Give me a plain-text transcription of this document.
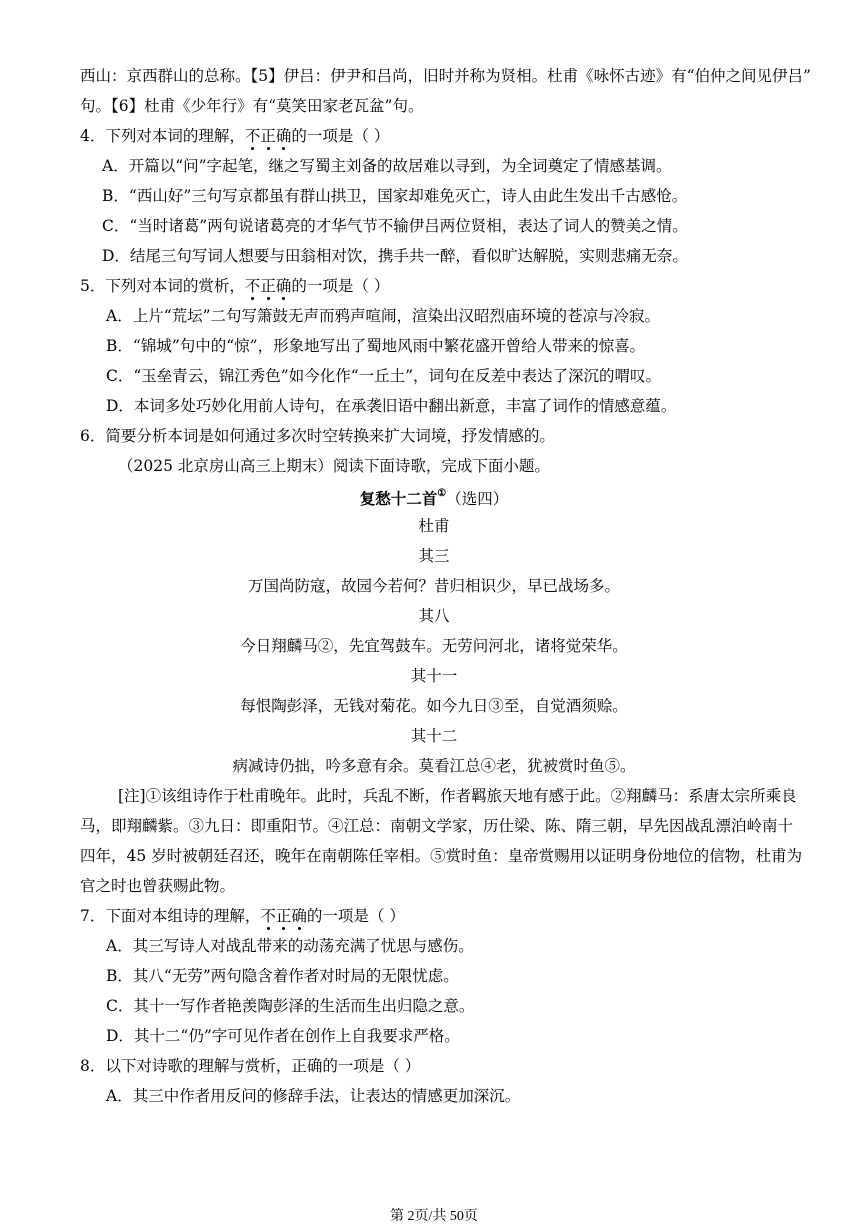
西山：京西群山的总称。【5】伊吕：伊尹和吕尚，旧时并称为贤相。杜甫《咏怀古迹》有“伯仲之间见伊吕”
句。【6】杜甫《少年行》有“莫笑田家老瓦盆”句。
4．下列对本词的理解，不正确的一项是（ ）
A．开篇以“问”字起笔，继之写蜀主刘备的故居难以寻到，为全词奠定了情感基调。
B．“西山好”三句写京都虽有群山拱卫，国家却难免灭亡，诗人由此生发出千古感怆。
C．“当时诸葛”两句说诸葛亮的才华气节不输伊吕两位贤相，表达了词人的赞美之情。
D．结尾三句写词人想要与田翁相对饮，携手共一醉，看似旷达解脱，实则悲痛无奈。
5．下列对本词的赏析，不正确的一项是（ ）
A．上片“荒坛”二句写箫鼓无声而鸦声喧闹，渲染出汉昭烈庙环境的苍凉与冷寂。
B．“锦城”句中的“惊”，形象地写出了蜀地风雨中繁花盛开曾给人带来的惊喜。
C．“玉垒青云，锦江秀色”如今化作“一丘土”，词句在反差中表达了深沉的喟叹。
D．本词多处巧妙化用前人诗句，在承袭旧语中翻出新意，丰富了词作的情感意蕴。
6．简要分析本词是如何通过多次时空转换来扩大词境，抒发情感的。
（2025 北京房山高三上期末）阅读下面诗歌，完成下面小题。
复愁十二首①（选四）
杜甫
其三
万国尚防寇，故园今若何？昔归相识少，早已战场多。
其八
今日翔麟马②，先宜驾鼓车。无劳问河北，诸将觉荣华。
其十一
每恨陶彭泽，无钱对菊花。如今九日③至，自觉酒须赊。
其十二
病减诗仍拙，吟多意有余。莫看江总④老，犹被赏时鱼⑤。
[注]①该组诗作于杜甫晚年。此时，兵乱不断，作者羁旅天地有感于此。②翔麟马：系唐太宗所乘良
马，即翔麟紫。③九日：即重阳节。④江总：南朝文学家，历仕梁、陈、隋三朝，早先因战乱漂泊岭南十
四年，45 岁时被朝廷召还，晚年在南朝陈任宰相。⑤赏时鱼：皇帝赏赐用以证明身份地位的信物，杜甫为
官之时也曾获赐此物。
7．下面对本组诗的理解，不正确的一项是（ ）
A．其三写诗人对战乱带来的动荡充满了忧思与感伤。
B．其八“无劳”两句隐含着作者对时局的无限忧虑。
C．其十一写作者艳羡陶彭泽的生活而生出归隐之意。
D．其十二“仍”字可见作者在创作上自我要求严格。
8．以下对诗歌的理解与赏析，正确的一项是（ ）
A．其三中作者用反问的修辞手法，让表达的情感更加深沉。
第 2页/共 50页
